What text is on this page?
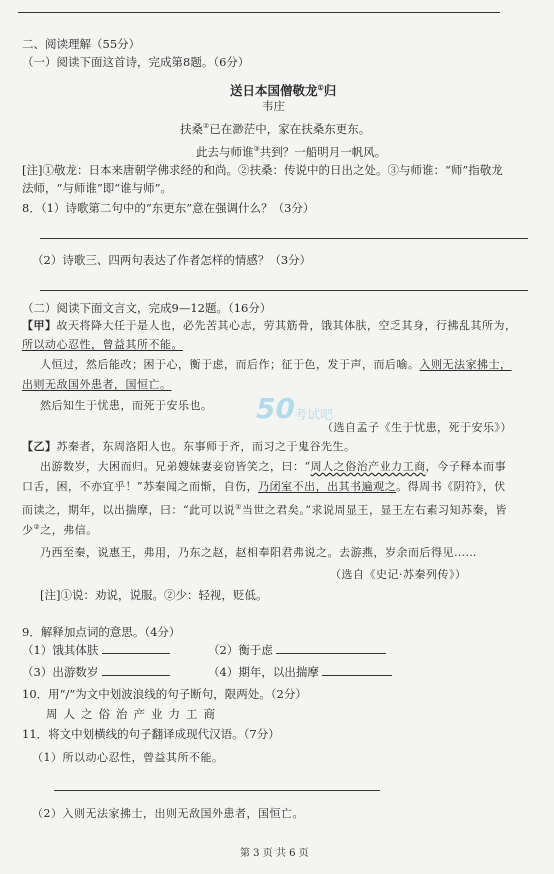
二、阅读理解（55分）
（一）阅读下面这首诗，完成第8题。（6分）
送日本国僧敬龙①归
韦庄
扶桑②已在渺茫中，家在扶桑东更东。
此去与师谁③共到？一船明月一帆风。
[注]①敬龙：日本来唐朝学佛求经的和尚。②扶桑：传说中的日出之处。③与师谁：“师”指敬龙
法师，“与师谁”即“谁与师”。
8．（1）诗歌第二句中的“东更东”意在强调什么？（3分）
（2）诗歌三、四两句表达了作者怎样的情感？（3分）
（二）阅读下面文言文，完成9—12题。（16分）
【甲】故天将降大任于是人也，必先苦其心志，劳其筋骨，饿其体肤，空乏其身，行拂乱其所为，
所以动心忍性，曾益其所不能。
人恒过，然后能改；困于心，衡于虑，而后作；征于色，发于声，而后喻。入则无法家拂士，
出则无敌国外患者，国恒亡。
然后知生于忧患，而死于安乐也。 50 考试吧
（选自孟子《生于忧患，死于安乐》）
【乙】苏秦者，东周洛阳人也。东事师于齐，而习之于鬼谷先生。
出游数岁，大困而归。兄弟嫂妹妻妾窃皆笑之，曰：“周人之俗治产业力工商，今子释本而事
口舌，困，不亦宜乎！”苏秦闻之而惭，自伤，乃闭室不出，出其书遍观之。得周书《阴符》，伏
而读之，期年，以出揣摩，曰：“此可以说①当世之君矣。”求说周显王，显王左右素习知苏秦，皆
少②之，弗信。
乃西至秦，说惠王，弗用，乃东之赵，赵相奉阳君弗说之。去游燕，岁余而后得见……
（选自《史记·苏秦列传》）
[注]①说：劝说，说服。②少：轻视，贬低。
9．解释加点词的意思。（4分）
（1）饿其体肤	（2）衡于虑
（3）出游数岁	（4）期年，以出揣摩
10．用“/”为文中划波浪线的句子断句，限两处。（2分）
周人之俗治产业力工商
11．将文中划横线的句子翻译成现代汉语。（7分）
（1）所以动心忍性，曾益其所不能。
（2）入则无法家拂士，出则无敌国外患者，国恒亡。
第 3 页 共 6 页
